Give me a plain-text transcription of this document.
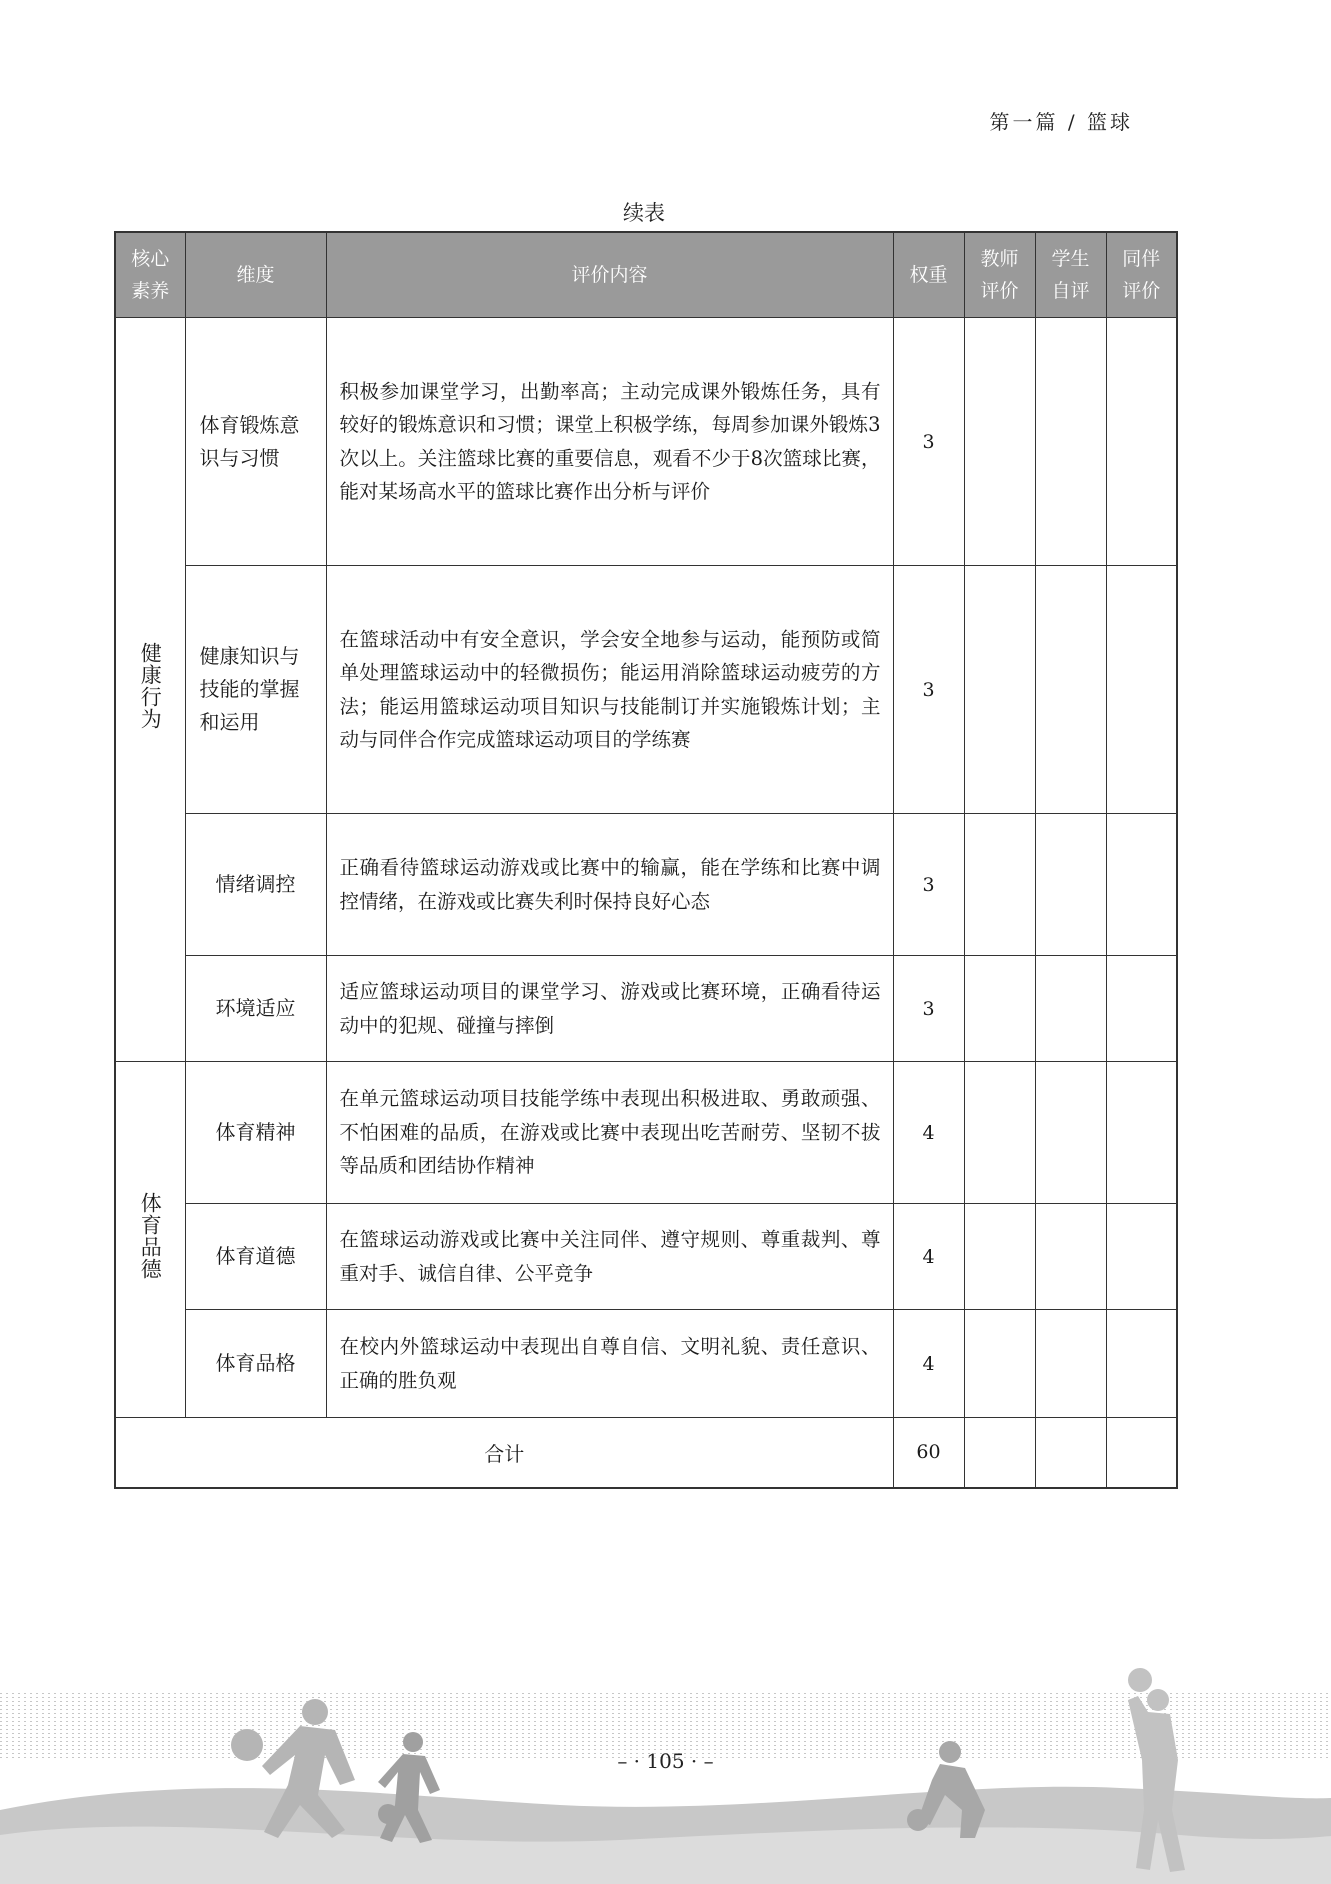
第一篇 / 篮球
续表
核心素养	维度	评价内容	权重	教师评价	学生自评	同伴评价
健康行为	体育锻炼意识与习惯	积极参加课堂学习，出勤率高；主动完成课外锻炼任务，具有较好的锻炼意识和习惯；课堂上积极学练，每周参加课外锻炼3次以上。关注篮球比赛的重要信息，观看不少于8次篮球比赛，能对某场高水平的篮球比赛作出分析与评价	3			
	健康知识与技能的掌握和运用	在篮球活动中有安全意识，学会安全地参与运动，能预防或简单处理篮球运动中的轻微损伤；能运用消除篮球运动疲劳的方法；能运用篮球运动项目知识与技能制订并实施锻炼计划；主动与同伴合作完成篮球运动项目的学练赛	3			
	情绪调控	正确看待篮球运动游戏或比赛中的输赢，能在学练和比赛中调控情绪，在游戏或比赛失利时保持良好心态	3			
	环境适应	适应篮球运动项目的课堂学习、游戏或比赛环境，正确看待运动中的犯规、碰撞与摔倒	3			
体育品德	体育精神	在单元篮球运动项目技能学练中表现出积极进取、勇敢顽强、不怕困难的品质，在游戏或比赛中表现出吃苦耐劳、坚韧不拔等品质和团结协作精神	4			
	体育道德	在篮球运动游戏或比赛中关注同伴、遵守规则、尊重裁判、尊重对手、诚信自律、公平竞争	4			
	体育品格	在校内外篮球运动中表现出自尊自信、文明礼貌、责任意识、正确的胜负观	4			
合计			60			
– · 105 · –
